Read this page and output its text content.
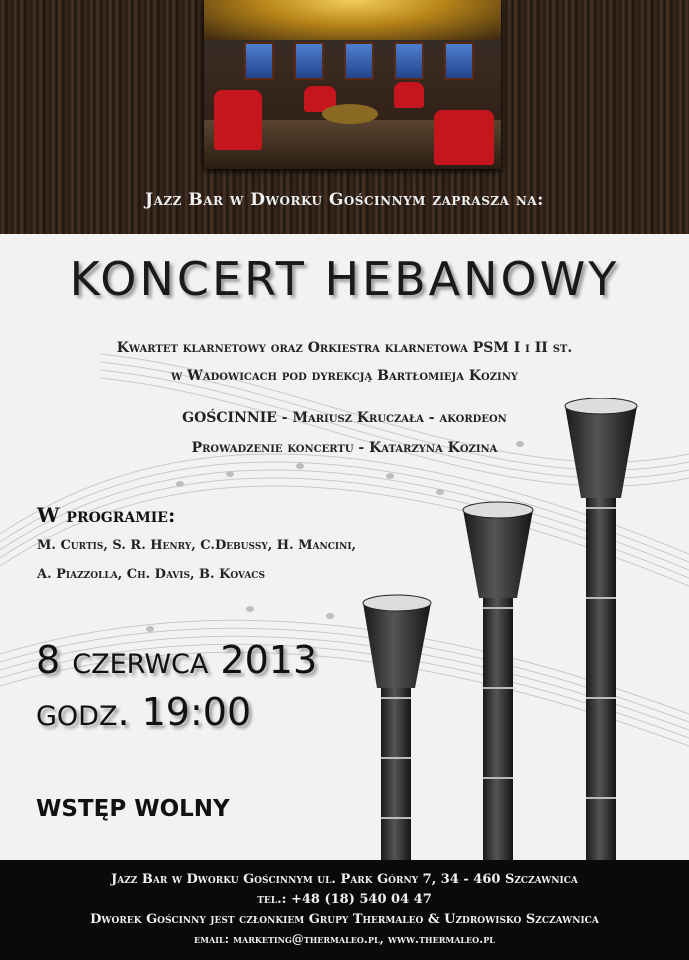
Jazz Bar w Dworku Gościnnym zaprasza na:
KONCERT HEBANOWY
Kwartet klarnetowy oraz Orkiestra klarnetowa PSM I i II st.
w Wadowicach pod dyrekcją Bartłomieja Koziny
GOŚCINNIE - Mariusz Kruczała - akordeon
Prowadzenie koncertu - Katarzyna Kozina
W programie:
M. Curtis, S. R. Henry, C.Debussy, H. Mancini,
A. Piazzolla, Ch. Davis, B. Kovacs
8 czerwca 2013
godz. 19:00
WSTĘP WOLNY
Jazz Bar w Dworku Gościnnym ul. Park Górny 7, 34 - 460 Szczawnica
tel.: +48 (18) 540 04 47
Dworek Gościnny jest członkiem Grupy Thermaleo & Uzdrowisko Szczawnica
email: marketing@thermaleo.pl, www.thermaleo.pl
